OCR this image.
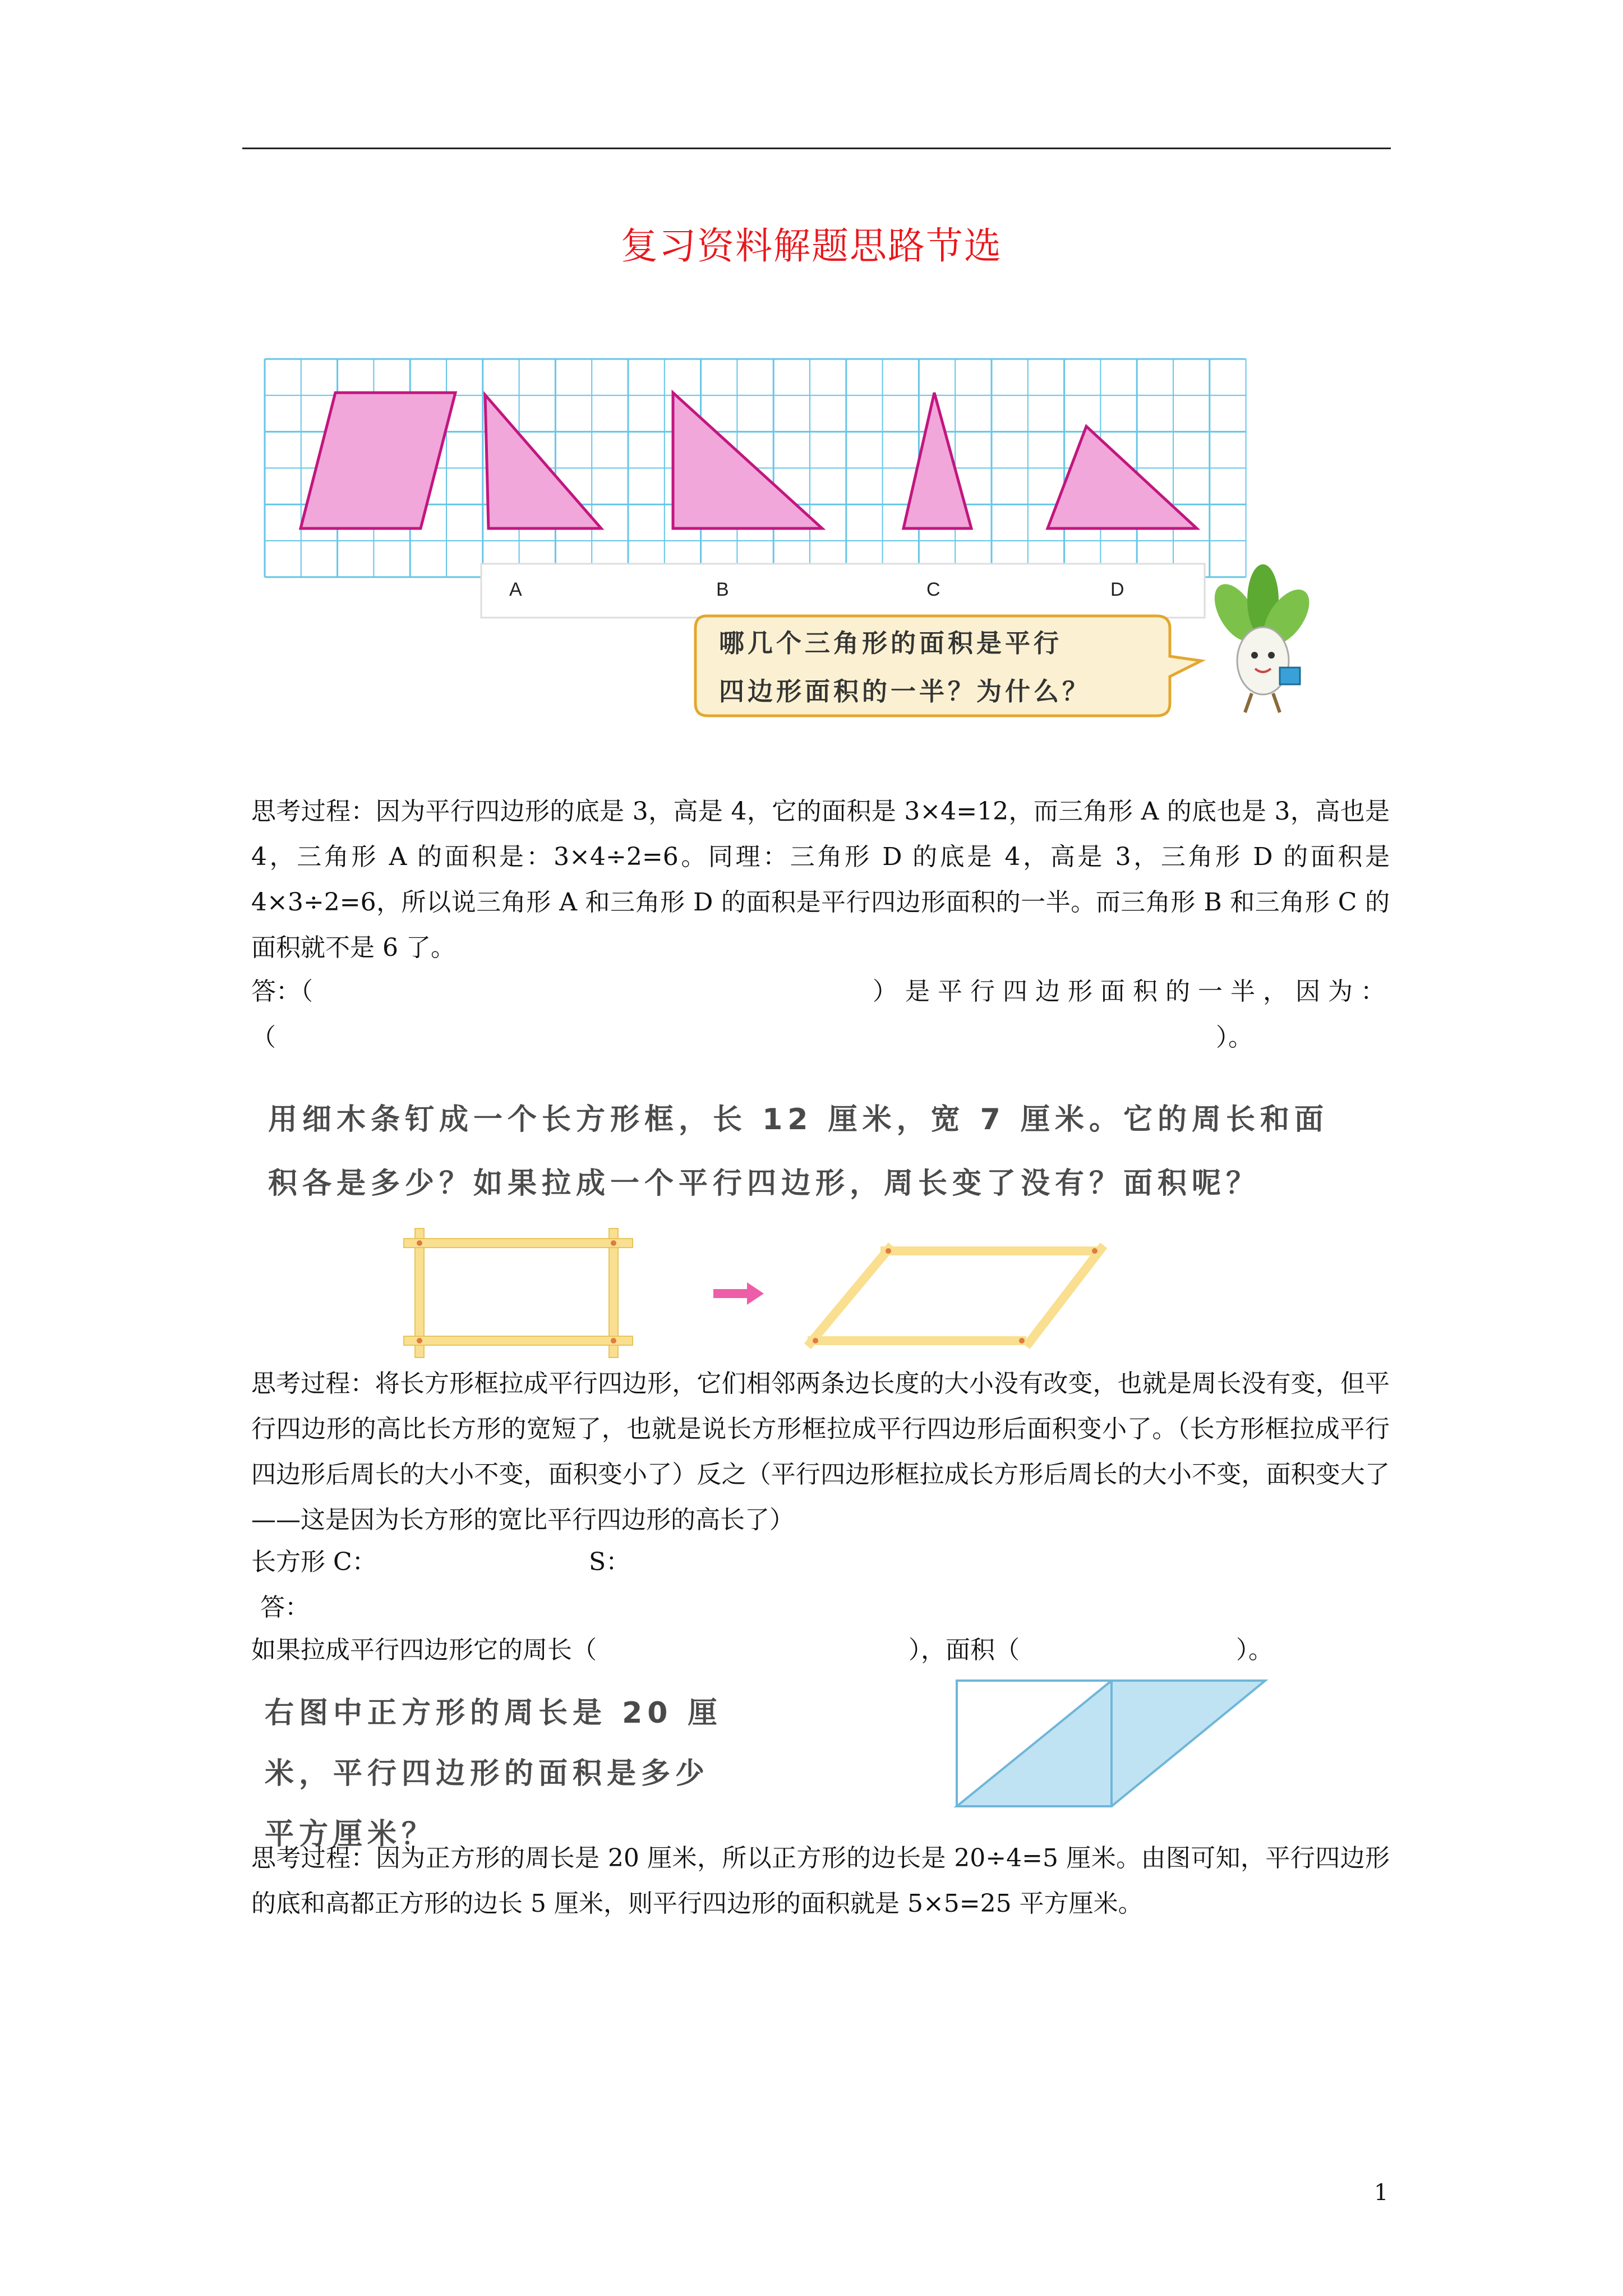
复习资料解题思路节选
A	B	C	D
哪几个三角形的面积是平行
四边形面积的一半？为什么？
思考过程：因为平行四边形的底是 3，高是 4，它的面积是 3×4=12，而三角形 A 的底也是 3，高也是 4，三角形 A 的面积是：3×4÷2=6。同理：三角形 D 的底是 4，高是 3，三角形 D 的面积是 4×3÷2=6，所以说三角形 A 和三角形 D 的面积是平行四边形面积的一半。而三角形 B 和三角形 C 的面积就不是 6 了。
答：（	）是平行四边形面积的一半，因为：
（	）。
用细木条钉成一个长方形框，长 12 厘米，宽 7 厘米。它的周长和面
积各是多少？如果拉成一个平行四边形，周长变了没有？面积呢？
思考过程：将长方形框拉成平行四边形，它们相邻两条边长度的大小没有改变，也就是周长没有变，但平行四边形的高比长方形的宽短了，也就是说长方形框拉成平行四边形后面积变小了。（长方形框拉成平行四边形后周长的大小不变，面积变小了）反之（平行四边形框拉成长方形后周长的大小不变，面积变大了——这是因为长方形的宽比平行四边形的高长了）
长方形 C：	S：
答：
如果拉成平行四边形它的周长（	），面积（	）。
右图中正方形的周长是 20 厘
米，平行四边形的面积是多少
平方厘米？
思考过程：因为正方形的周长是 20 厘米，所以正方形的边长是 20÷4=5 厘米。由图可知，平行四边形的底和高都正方形的边长 5 厘米，则平行四边形的面积就是 5×5=25 平方厘米。
1
